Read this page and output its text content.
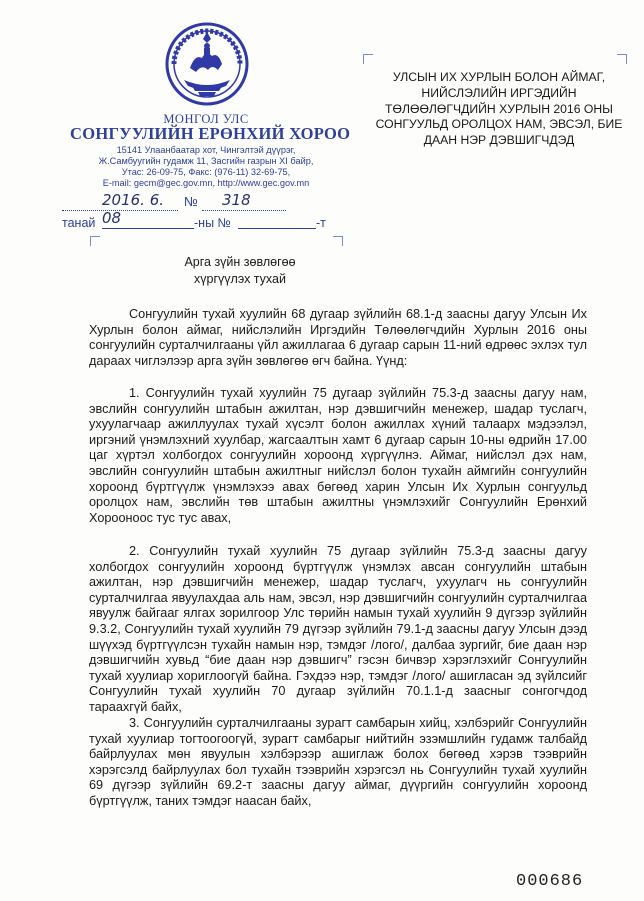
МОНГОЛ УЛС
СОНГУУЛИЙН ЕРӨНХИЙ ХОРОО
15141 Улаанбаатар хот, Чингэлтэй дүүрэг,
Ж.Самбуугийн гудамж 11, Засгийн газрын XI байр,
Утас: 26-09-75, Факс: (976-11) 32-69-75,
E-mail: gecm@gec.gov.mn, http://www.gec.gov.mn
2016. 6. 08
№ 318
танай	-ны №	-т
УЛСЫН ИХ ХУРЛЫН БОЛОН АЙМАГ, НИЙСЛЭЛИЙН ИРГЭДИЙН ТӨЛӨӨЛӨГЧДИЙН ХУРЛЫН 2016 ОНЫ СОНГУУЛЬД ОРОЛЦОХ НАМ, ЭВСЭЛ, БИЕ ДААН НЭР ДЭВШИГЧДЭД
Арга зүйн зөвлөгөө
хүргүүлэх тухай

Сонгуулийн тухай хуулийн 68 дугаар зүйлийн 68.1-д заасны дагуу Улсын Их Хурлын болон аймаг, нийслэлийн Иргэдийн Төлөөлөгчдийн Хурлын 2016 оны сонгуулийн сурталчилгааны үйл ажиллагаа 6 дугаар сарын 11-ний өдрөөс эхлэх тул дараах чиглэлээр арга зүйн зөвлөгөө өгч байна. Үүнд:

1. Сонгуулийн тухай хуулийн 75 дугаар зүйлийн 75.3-д заасны дагуу нам, эвслийн сонгуулийн штабын ажилтан, нэр дэвшигчийн менежер, шадар туслагч, ухуулагчаар ажиллуулах тухай хүсэлт болон ажиллах хүний талаарх мэдээлэл, иргэний үнэмлэхний хуулбар, жагсаалтын хамт 6 дугаар сарын 10-ны өдрийн 17.00 цаг хүртэл холбогдох сонгуулийн хороонд хүргүүлнэ. Аймаг, нийслэл дэх нам, эвслийн сонгуулийн штабын ажилтныг нийслэл болон тухайн аймгийн сонгуулийн хороонд бүртгүүлж үнэмлэхээ авах бөгөөд харин Улсын Их Хурлын сонгуульд оролцох нам, эвслийн төв штабын ажилтны үнэмлэхийг Сонгуулийн Ерөнхий Хорооноос тус тус авах,

2. Сонгуулийн тухай хуулийн 75 дугаар зүйлийн 75.3-д заасны дагуу холбогдох сонгуулийн хороонд бүртгүүлж үнэмлэх авсан сонгуулийн штабын ажилтан, нэр дэвшигчийн менежер, шадар туслагч, ухуулагч нь сонгуулийн сурталчилгаа явуулахдаа аль нам, эвсэл, нэр дэвшигчийн сонгуулийн сурталчилгаа явуулж байгааг ялгах зорилгоор Улс төрийн намын тухай хуулийн 9 дүгээр зүйлийн 9.3.2, Сонгуулийн тухай хуулийн 79 дүгээр зүйлийн 79.1-д заасны дагуу Улсын дээд шүүхэд бүртгүүлсэн тухайн намын нэр, тэмдэг /лого/, далбаа зургийг, бие даан нэр дэвшигчийн хувьд “бие даан нэр дэвшигч” гэсэн бичвэр хэрэглэхийг Сонгуулийн тухай хуулиар хориглоогүй байна. Гэхдээ нэр, тэмдэг /лого/ ашигласан эд зүйлсийг Сонгуулийн тухай хуулийн 70 дугаар зүйлийн 70.1.1-д заасныг сонгогчдод тараахгүй байх,

3. Сонгуулийн сурталчилгааны зурагт самбарын хийц, хэлбэрийг Сонгуулийн тухай хуулиар тогтоогоогүй, зурагт самбарыг нийтийн эзэмшлийн гудамж талбайд байрлуулах мөн явуулын хэлбэрээр ашиглаж болох бөгөөд хэрэв тээврийн хэрэгсэлд байрлуулах бол тухайн тээврийн хэрэгсэл нь Сонгуулийн тухай хуулийн 69 дүгээр зүйлийн 69.2-т заасны дагуу аймаг, дүүргийн сонгуулийн хороонд бүртгүүлж, таних тэмдэг наасан байх,

000686
